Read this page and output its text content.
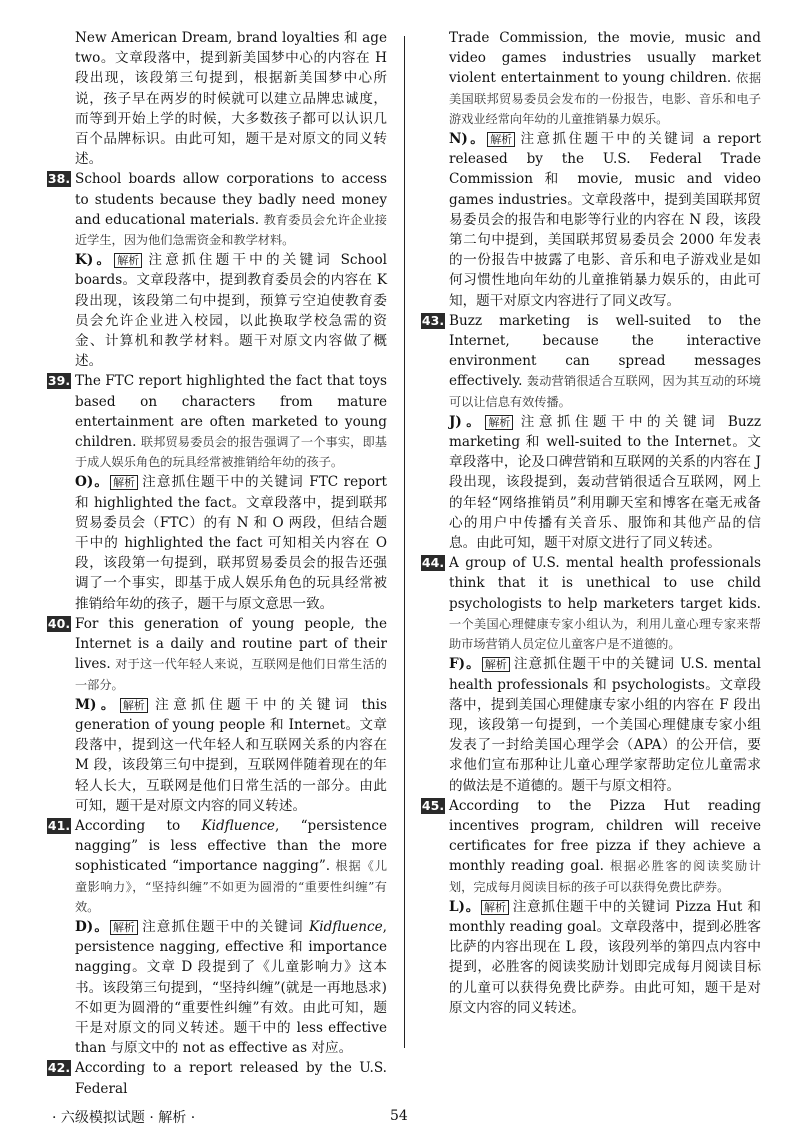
New American Dream, brand loyalties 和 age two。文章段落中，提到新美国梦中心的内容在 H 段出现，该段第三句提到，根据新美国梦中心所说，孩子早在两岁的时候就可以建立品牌忠诚度，而等到开始上学的时候，大多数孩子都可以认识几百个品牌标识。由此可知，题干是对原文的同义转述。

38. School boards allow corporations to access to students because they badly need money and educational materials. 教育委员会允许企业接近学生，因为他们急需资金和教学材料。

K)。 解析 注意抓住题干中的关键词 School boards。文章段落中，提到教育委员会的内容在 K 段出现，该段第二句中提到，预算亏空迫使教育委员会允许企业进入校园，以此换取学校急需的资金、计算机和教学材料。题干对原文内容做了概述。

39. The FTC report highlighted the fact that toys based on characters from mature entertainment are often marketed to young children. 联邦贸易委员会的报告强调了一个事实，即基于成人娱乐角色的玩具经常被推销给年幼的孩子。

O)。 解析 注意抓住题干中的关键词 FTC report 和 highlighted the fact。文章段落中，提到联邦贸易委员会（FTC）的有 N 和 O 两段，但结合题干中的 highlighted the fact 可知相关内容在 O 段，该段第一句提到，联邦贸易委员会的报告还强调了一个事实，即基于成人娱乐角色的玩具经常被推销给年幼的孩子，题干与原文意思一致。

40. For this generation of young people, the Internet is a daily and routine part of their lives. 对于这一代年轻人来说，互联网是他们日常生活的一部分。

M)。 解析 注意抓住题干中的关键词 this generation of young people 和 Internet。文章段落中，提到这一代年轻人和互联网关系的内容在 M 段，该段第三句中提到，互联网伴随着现在的年轻人长大，互联网是他们日常生活的一部分。由此可知，题干是对原文内容的同义转述。

41. According to Kidfluence, “persistence nagging” is less effective than the more sophisticated “importance nagging”. 根据《儿童影响力》，“坚持纠缠”不如更为圆滑的“重要性纠缠”有效。

D)。 解析 注意抓住题干中的关键词 Kidfluence, persistence nagging, effective 和 importance nagging。文章 D 段提到了《儿童影响力》这本书。该段第三句提到，“坚持纠缠”(就是一再地恳求)不如更为圆滑的“重要性纠缠”有效。由此可知，题干是对原文的同义转述。题干中的 less effective than 与原文中的 not as effective as 对应。

42. According to a report released by the U.S. Federal

Trade Commission, the movie, music and video games industries usually market violent entertainment to young children. 依据美国联邦贸易委员会发布的一份报告，电影、音乐和电子游戏业经常向年幼的儿童推销暴力娱乐。

N)。 解析 注意抓住题干中的关键词 a report released by the U.S. Federal Trade Commission 和 movie, music and video games industries。文章段落中，提到美国联邦贸易委员会的报告和电影等行业的内容在 N 段，该段第二句中提到，美国联邦贸易委员会 2000 年发表的一份报告中披露了电影、音乐和电子游戏业是如何习惯性地向年幼的儿童推销暴力娱乐的，由此可知，题干对原文内容进行了同义改写。

43. Buzz marketing is well-suited to the Internet, because the interactive environment can spread messages effectively. 轰动营销很适合互联网，因为其互动的环境可以让信息有效传播。

J)。 解析 注意抓住题干中的关键词 Buzz marketing 和 well-suited to the Internet。文章段落中，论及口碑营销和互联网的关系的内容在 J 段出现，该段提到，轰动营销很适合互联网，网上的年轻“网络推销员”利用聊天室和博客在毫无戒备心的用户中传播有关音乐、服饰和其他产品的信息。由此可知，题干对原文进行了同义转述。

44. A group of U.S. mental health professionals think that it is unethical to use child psychologists to help marketers target kids. 一个美国心理健康专家小组认为，利用儿童心理专家来帮助市场营销人员定位儿童客户是不道德的。

F)。 解析 注意抓住题干中的关键词 U.S. mental health professionals 和 psychologists。文章段落中，提到美国心理健康专家小组的内容在 F 段出现，该段第一句提到，一个美国心理健康专家小组发表了一封给美国心理学会（APA）的公开信，要求他们宣布那种让儿童心理学家帮助定位儿童需求的做法是不道德的。题干与原文相符。

45. According to the Pizza Hut reading incentives program, children will receive certificates for free pizza if they achieve a monthly reading goal. 根据必胜客的阅读奖励计划，完成每月阅读目标的孩子可以获得免费比萨券。

L)。 解析 注意抓住题干中的关键词 Pizza Hut 和 monthly reading goal。文章段落中，提到必胜客比萨的内容出现在 L 段，该段列举的第四点内容中提到，必胜客的阅读奖励计划即完成每月阅读目标的儿童可以获得免费比萨券。由此可知，题干是对原文内容的同义转述。

· 六级模拟试题 · 解析 ·	54
